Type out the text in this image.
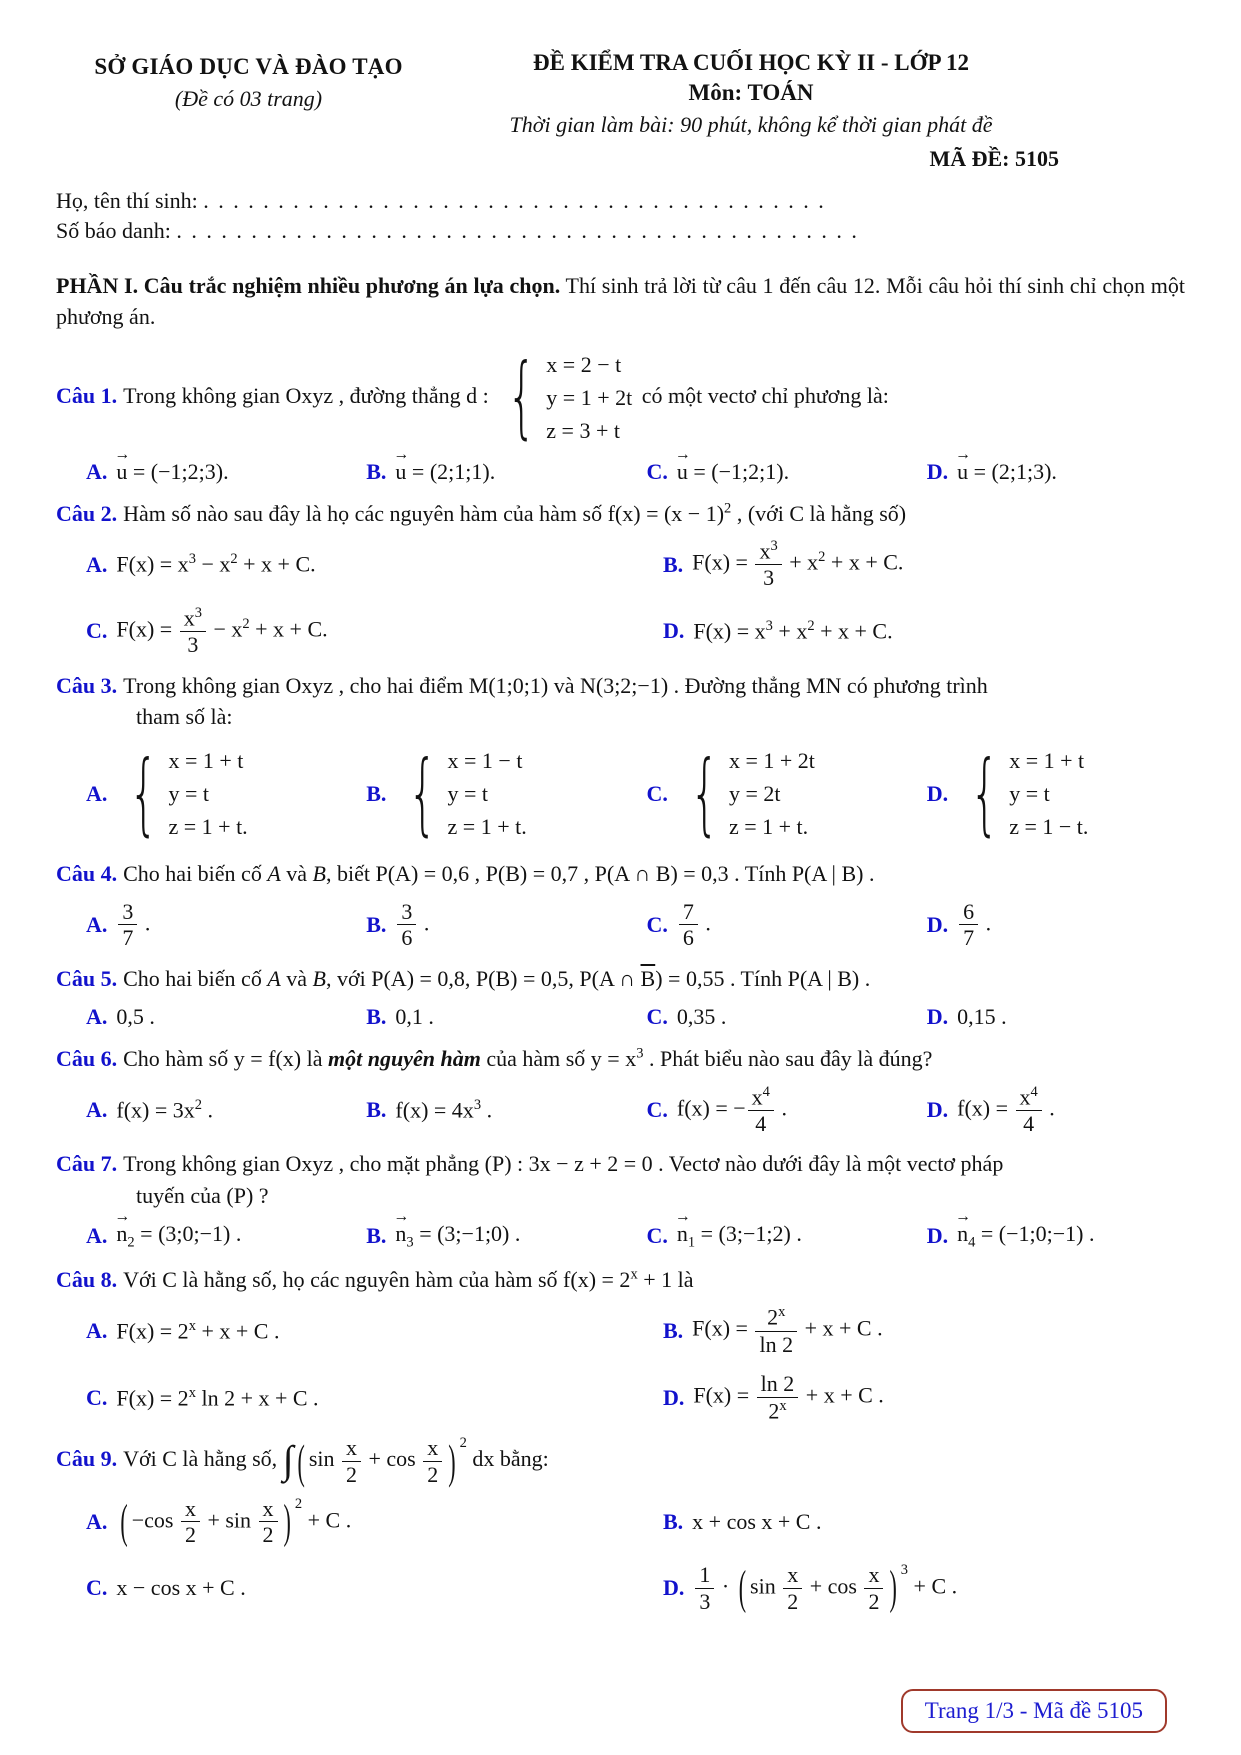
SỞ GIÁO DỤC VÀ ĐÀO TẠO
(Đề có 03 trang)
ĐỀ KIỂM TRA CUỐI HỌC KỲ II - LỚP 12
Môn: TOÁN
Thời gian làm bài: 90 phút, không kể thời gian phát đề
MÃ ĐỀ: 5105
Họ, tên thí sinh: . . . . . . . . . . . . . . . . . . . . . . . . . . . . . . . . . . . . . . . . . .
Số báo danh: . . . . . . . . . . . . . . . . . . . . . . . . . . . . . . . . . . . . . . . . . . . . . .
PHẦN I. Câu trắc nghiệm nhiều phương án lựa chọn. Thí sinh trả lời từ câu 1 đến câu 12. Mỗi câu hỏi thí sinh chỉ chọn một phương án.
Câu 1. Trong không gian Oxyz , đường thẳng d : { x = 2 − t
y = 1 + 2t
z = 3 + t
có một vectơ chỉ phương là:
A. → u = (−1;2;3).	B. → u = (2;1;1).	C. → u = (−1;2;1).	D. → u = (2;1;3).
Câu 2. Hàm số nào sau đây là họ các nguyên hàm của hàm số $f(x) = (x - 1)^2$ , (với C là hằng số)
A. $F(x) = x^3 - x^2 + x + C$.	B. $F(x) = \frac{x^3}{3} + x^2 + x + C$.
C. $F(x) = \frac{x^3}{3} - x^2 + x + C$.	D. $F(x) = x^3 + x^2 + x + C$.
Câu 3. Trong không gian Oxyz , cho hai điểm M(1;0;1) và N(3;2;−1) . Đường thẳng MN có phương trình
tham số là:
A. { x = 1 + t
y = t
z = 1 + t.
B. { x = 1 − t
y = t
z = 1 + t.
C. { x = 1 + 2t
y = 2t
z = 1 + t.
D. { x = 1 + t
y = t
z = 1 − t.
Câu 4. Cho hai biến cố A và B, biết P(A) = 0,6 , P(B) = 0,7 , P(A ∩ B) = 0,3 . Tính P(A | B) .
A. $\frac{3}{7}$ .	B. $\frac{3}{6}$ .	C. $\frac{7}{6}$ .	D. $\frac{6}{7}$ .
Câu 5. Cho hai biến cố A và B, với P(A) = 0,8, P(B) = 0,5, P(A ∩ $\overline{B}) = 0,55$ . Tính P(A | B) .
A. 0,5 .	B. 0,1 .	C. 0,35 .	D. 0,15 .
Câu 6. Cho hàm số y = f(x) là một nguyên hàm của hàm số $y = x^3$ . Phát biểu nào sau đây là đúng?
A. $f(x) = 3x^2$ .	B. $f(x) = 4x^3$ .	C. f(x) = − $\frac{x^4}{4}$ .	D. $f(x) = \frac{x^4}{4}$ .
Câu 7. Trong không gian Oxyz , cho mặt phẳng (P) : 3x − z + 2 = 0 . Vectơ nào dưới đây là một vectơ pháp
tuyến của (P) ?
A. → $n_2$ = (3;0;−1) .	B. → $n_3$ = (3;−1;0) .	C. → $n_1$ = (3;−1;2) .	D. → $n_4$ = (−1;0;−1) .
Câu 8. Với C là hằng số, họ các nguyên hàm của hàm số $f(x) = 2^x + 1$ là
A. $F(x) = 2^x + x + C$ .	B. $F(x) = \frac{2^x}{\ln 2} + x + C$ .
C. $F(x) = 2^x$ ln 2 + x + C .	D. $F(x) = \frac{\ln 2}{2^x} + x + C$ .
Câu 9. Với C là hằng số, ∫ ( $\sin \frac{x}{2} + \cos \frac{x}{2}$ ) $^2$ dx bằng:
A. ( $-\cos \frac{x}{2} + \sin \frac{x}{2}$ ) $^2$ + C .	B. x + cos x + C .
C. x − cos x + C .	D. $\frac{1}{3}$ · ( $\sin \frac{x}{2} + \cos \frac{x}{2}$ ) $^3$ + C .
Trang 1/3 - Mã đề 5105
